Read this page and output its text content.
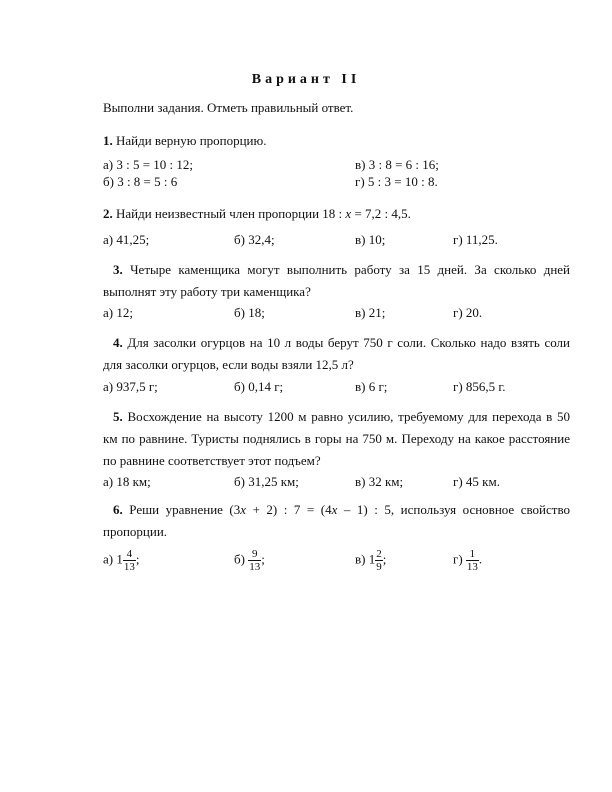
Вариант II
Выполни задания. Отметь правильный ответ.
1. Найди верную пропорцию.
а) 3 : 5 = 10 : 12;	в) 3 : 8 = 6 : 16;
б) 3 : 8 = 5 : 6	г) 5 : 3 = 10 : 8.
2. Найди неизвестный член пропорции 18 : x = 7,2 : 4,5.
а) 41,25;	б) 32,4;	в) 10;	г) 11,25.
3. Четыре каменщика могут выполнить работу за 15 дней. За сколько дней выполнят эту работу три каменщика?
а) 12;	б) 18;	в) 21;	г) 20.
4. Для засолки огурцов на 10 л воды берут 750 г соли. Сколько надо взять соли для засолки огурцов, если воды взяли 12,5 л?
а) 937,5 г;	б) 0,14 г;	в) 6 г;	г) 856,5 г.
5. Восхождение на высоту 1200 м равно усилию, требуемому для перехода в 50 км по равнине. Туристы поднялись в горы на 750 м. Переходу на какое расстояние по равнине соответствует этот подъем?
а) 18 км;	б) 31,25 км;	в) 32 км;	г) 45 км.
6. Реши уравнение (3x + 2) : 7 = (4x – 1) : 5, используя основное свойство пропорции.
а) $1 \frac{4}{13}$ ;	$б) \frac{9}{13}$ ;	в) $1 \frac{2}{9}$ ;	$г) \frac{1}{13}$ .
